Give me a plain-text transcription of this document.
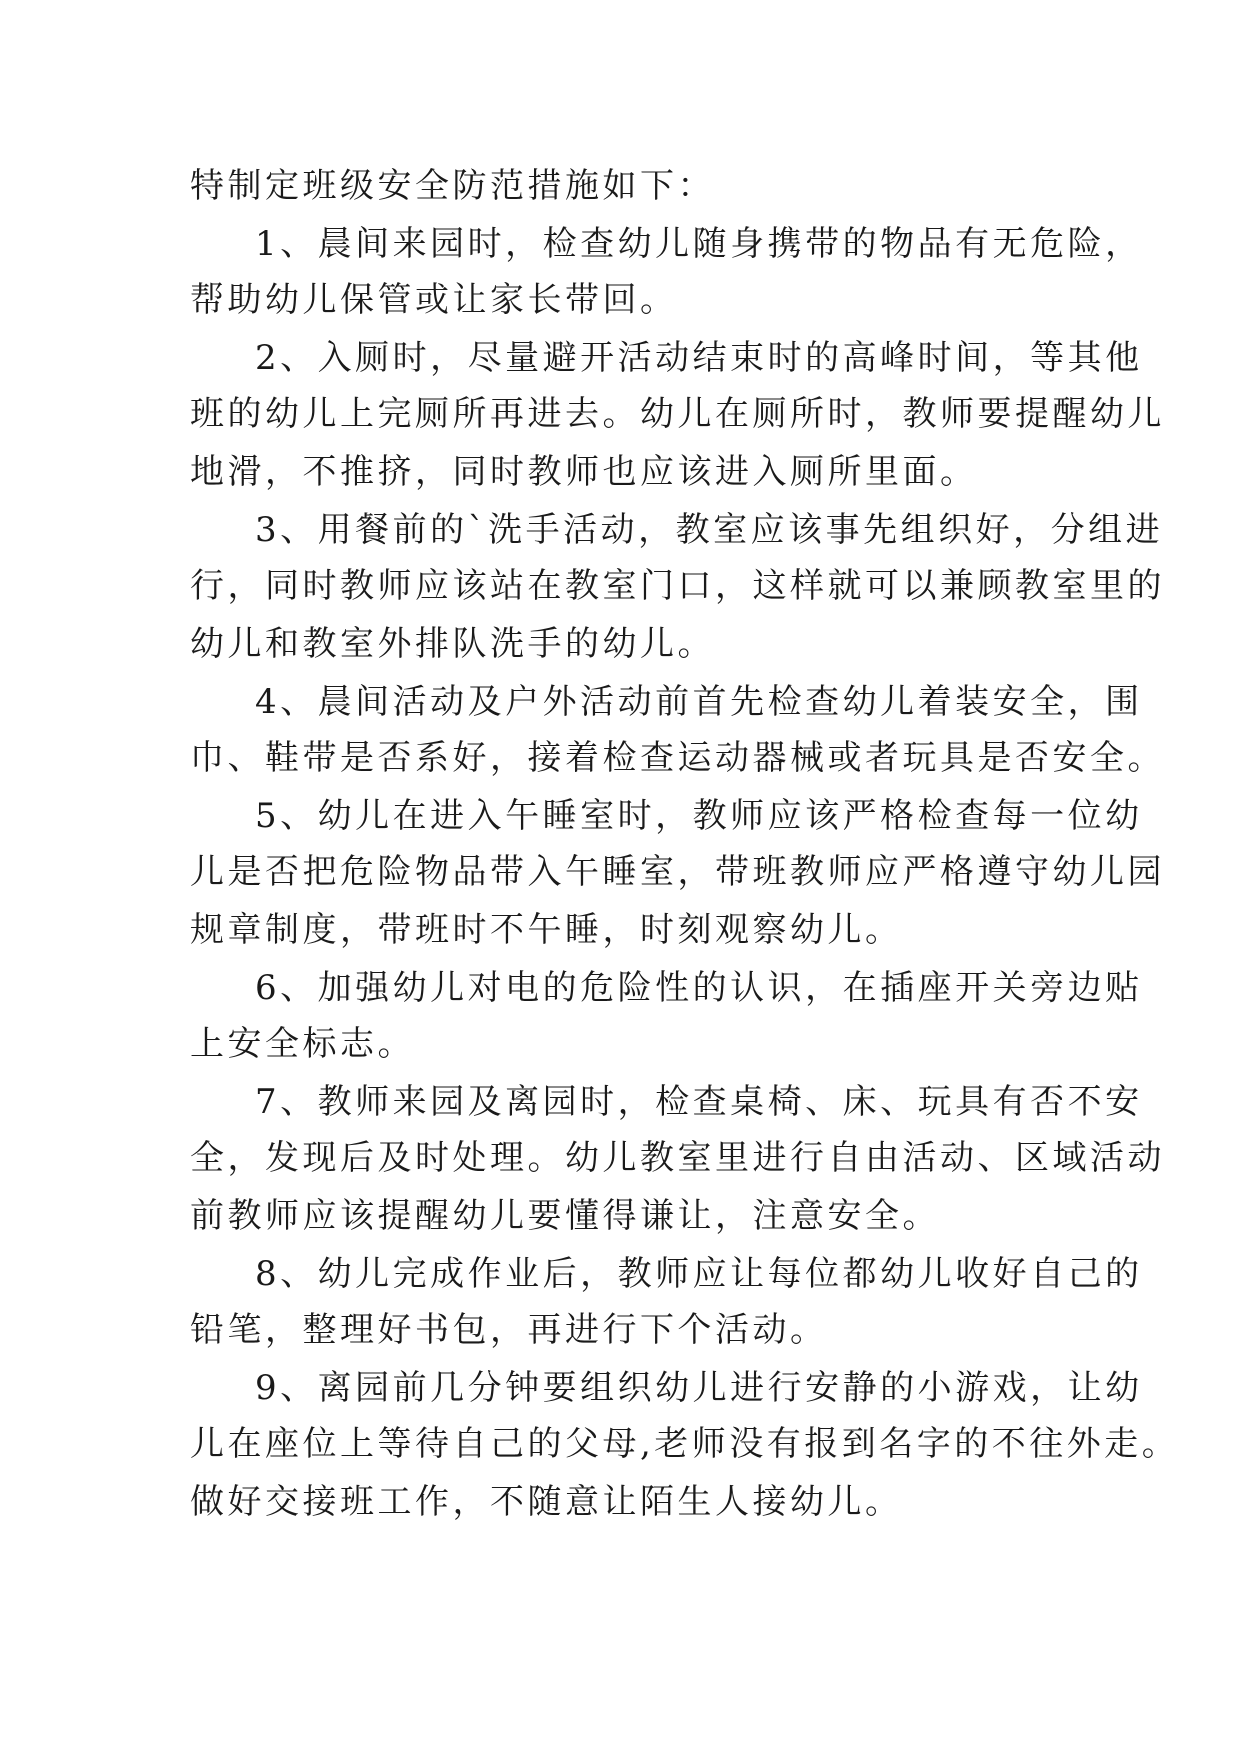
特制定班级安全防范措施如下：
1、晨间来园时，检查幼儿随身携带的物品有无危险，
帮助幼儿保管或让家长带回。
2、入厕时，尽量避开活动结束时的高峰时间，等其他
班的幼儿上完厕所再进去。幼儿在厕所时，教师要提醒幼儿
地滑，不推挤，同时教师也应该进入厕所里面。
3、用餐前的`洗手活动，教室应该事先组织好，分组进
行，同时教师应该站在教室门口，这样就可以兼顾教室里的
幼儿和教室外排队洗手的幼儿。
4、晨间活动及户外活动前首先检查幼儿着装安全，围
巾、鞋带是否系好，接着检查运动器械或者玩具是否安全。
5、幼儿在进入午睡室时，教师应该严格检查每一位幼
儿是否把危险物品带入午睡室，带班教师应严格遵守幼儿园
规章制度，带班时不午睡，时刻观察幼儿。
6、加强幼儿对电的危险性的认识，在插座开关旁边贴
上安全标志。
7、教师来园及离园时，检查桌椅、床、玩具有否不安
全，发现后及时处理。幼儿教室里进行自由活动、区域活动
前教师应该提醒幼儿要懂得谦让，注意安全。
8、幼儿完成作业后，教师应让每位都幼儿收好自己的
铅笔，整理好书包，再进行下个活动。
9、离园前几分钟要组织幼儿进行安静的小游戏，让幼
儿在座位上等待自己的父母,老师没有报到名字的不往外走。
做好交接班工作，不随意让陌生人接幼儿。
